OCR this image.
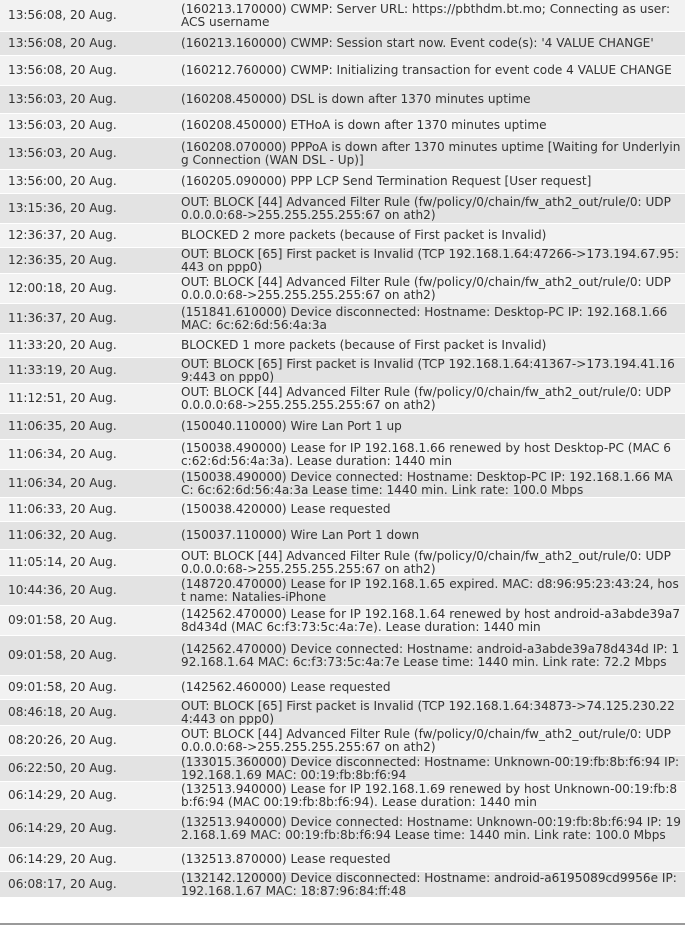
13:56:08, 20 Aug.	(160213.170000) CWMP: Server URL: https://pbthdm.bt.mo; Connecting as user: ACS username
13:56:08, 20 Aug.	(160213.160000) CWMP: Session start now. Event code(s): '4 VALUE CHANGE'
13:56:08, 20 Aug.	(160212.760000) CWMP: Initializing transaction for event code 4 VALUE CHANGE
13:56:03, 20 Aug.	(160208.450000) DSL is down after 1370 minutes uptime
13:56:03, 20 Aug.	(160208.450000) ETHoA is down after 1370 minutes uptime
13:56:03, 20 Aug.	(160208.070000) PPPoA is down after 1370 minutes uptime [Waiting for Underlying Connection (WAN DSL - Up)]
13:56:00, 20 Aug.	(160205.090000) PPP LCP Send Termination Request [User request]
13:15:36, 20 Aug.	OUT: BLOCK [44] Advanced Filter Rule (fw/policy/0/chain/fw_ath2_out/rule/0: UDP 0.0.0.0:68->255.255.255.255:67 on ath2)
12:36:37, 20 Aug.	BLOCKED 2 more packets (because of First packet is Invalid)
12:36:35, 20 Aug.	OUT: BLOCK [65] First packet is Invalid (TCP 192.168.1.64:47266->173.194.67.95:443 on ppp0)
12:00:18, 20 Aug.	OUT: BLOCK [44] Advanced Filter Rule (fw/policy/0/chain/fw_ath2_out/rule/0: UDP 0.0.0.0:68->255.255.255.255:67 on ath2)
11:36:37, 20 Aug.	(151841.610000) Device disconnected: Hostname: Desktop-PC IP: 192.168.1.66 MAC: 6c:62:6d:56:4a:3a
11:33:20, 20 Aug.	BLOCKED 1 more packets (because of First packet is Invalid)
11:33:19, 20 Aug.	OUT: BLOCK [65] First packet is Invalid (TCP 192.168.1.64:41367->173.194.41.169:443 on ppp0)
11:12:51, 20 Aug.	OUT: BLOCK [44] Advanced Filter Rule (fw/policy/0/chain/fw_ath2_out/rule/0: UDP 0.0.0.0:68->255.255.255.255:67 on ath2)
11:06:35, 20 Aug.	(150040.110000) Wire Lan Port 1 up
11:06:34, 20 Aug.	(150038.490000) Lease for IP 192.168.1.66 renewed by host Desktop-PC (MAC 6c:62:6d:56:4a:3a). Lease duration: 1440 min
11:06:34, 20 Aug.	(150038.490000) Device connected: Hostname: Desktop-PC IP: 192.168.1.66 MAC: 6c:62:6d:56:4a:3a Lease time: 1440 min. Link rate: 100.0 Mbps
11:06:33, 20 Aug.	(150038.420000) Lease requested
11:06:32, 20 Aug.	(150037.110000) Wire Lan Port 1 down
11:05:14, 20 Aug.	OUT: BLOCK [44] Advanced Filter Rule (fw/policy/0/chain/fw_ath2_out/rule/0: UDP 0.0.0.0:68->255.255.255.255:67 on ath2)
10:44:36, 20 Aug.	(148720.470000) Lease for IP 192.168.1.65 expired. MAC: d8:96:95:23:43:24, host name: Natalies-iPhone
09:01:58, 20 Aug.	(142562.470000) Lease for IP 192.168.1.64 renewed by host android-a3abde39a78d434d (MAC 6c:f3:73:5c:4a:7e). Lease duration: 1440 min
09:01:58, 20 Aug.	(142562.470000) Device connected: Hostname: android-a3abde39a78d434d IP: 192.168.1.64 MAC: 6c:f3:73:5c:4a:7e Lease time: 1440 min. Link rate: 72.2 Mbps
09:01:58, 20 Aug.	(142562.460000) Lease requested
08:46:18, 20 Aug.	OUT: BLOCK [65] First packet is Invalid (TCP 192.168.1.64:34873->74.125.230.224:443 on ppp0)
08:20:26, 20 Aug.	OUT: BLOCK [44] Advanced Filter Rule (fw/policy/0/chain/fw_ath2_out/rule/0: UDP 0.0.0.0:68->255.255.255.255:67 on ath2)
06:22:50, 20 Aug.	(133015.360000) Device disconnected: Hostname: Unknown-00:19:fb:8b:f6:94 IP: 192.168.1.69 MAC: 00:19:fb:8b:f6:94
06:14:29, 20 Aug.	(132513.940000) Lease for IP 192.168.1.69 renewed by host Unknown-00:19:fb:8b:f6:94 (MAC 00:19:fb:8b:f6:94). Lease duration: 1440 min
06:14:29, 20 Aug.	(132513.940000) Device connected: Hostname: Unknown-00:19:fb:8b:f6:94 IP: 192.168.1.69 MAC: 00:19:fb:8b:f6:94 Lease time: 1440 min. Link rate: 100.0 Mbps
06:14:29, 20 Aug.	(132513.870000) Lease requested
06:08:17, 20 Aug.	(132142.120000) Device disconnected: Hostname: android-a6195089cd9956e IP: 192.168.1.67 MAC: 18:87:96:84:ff:48
